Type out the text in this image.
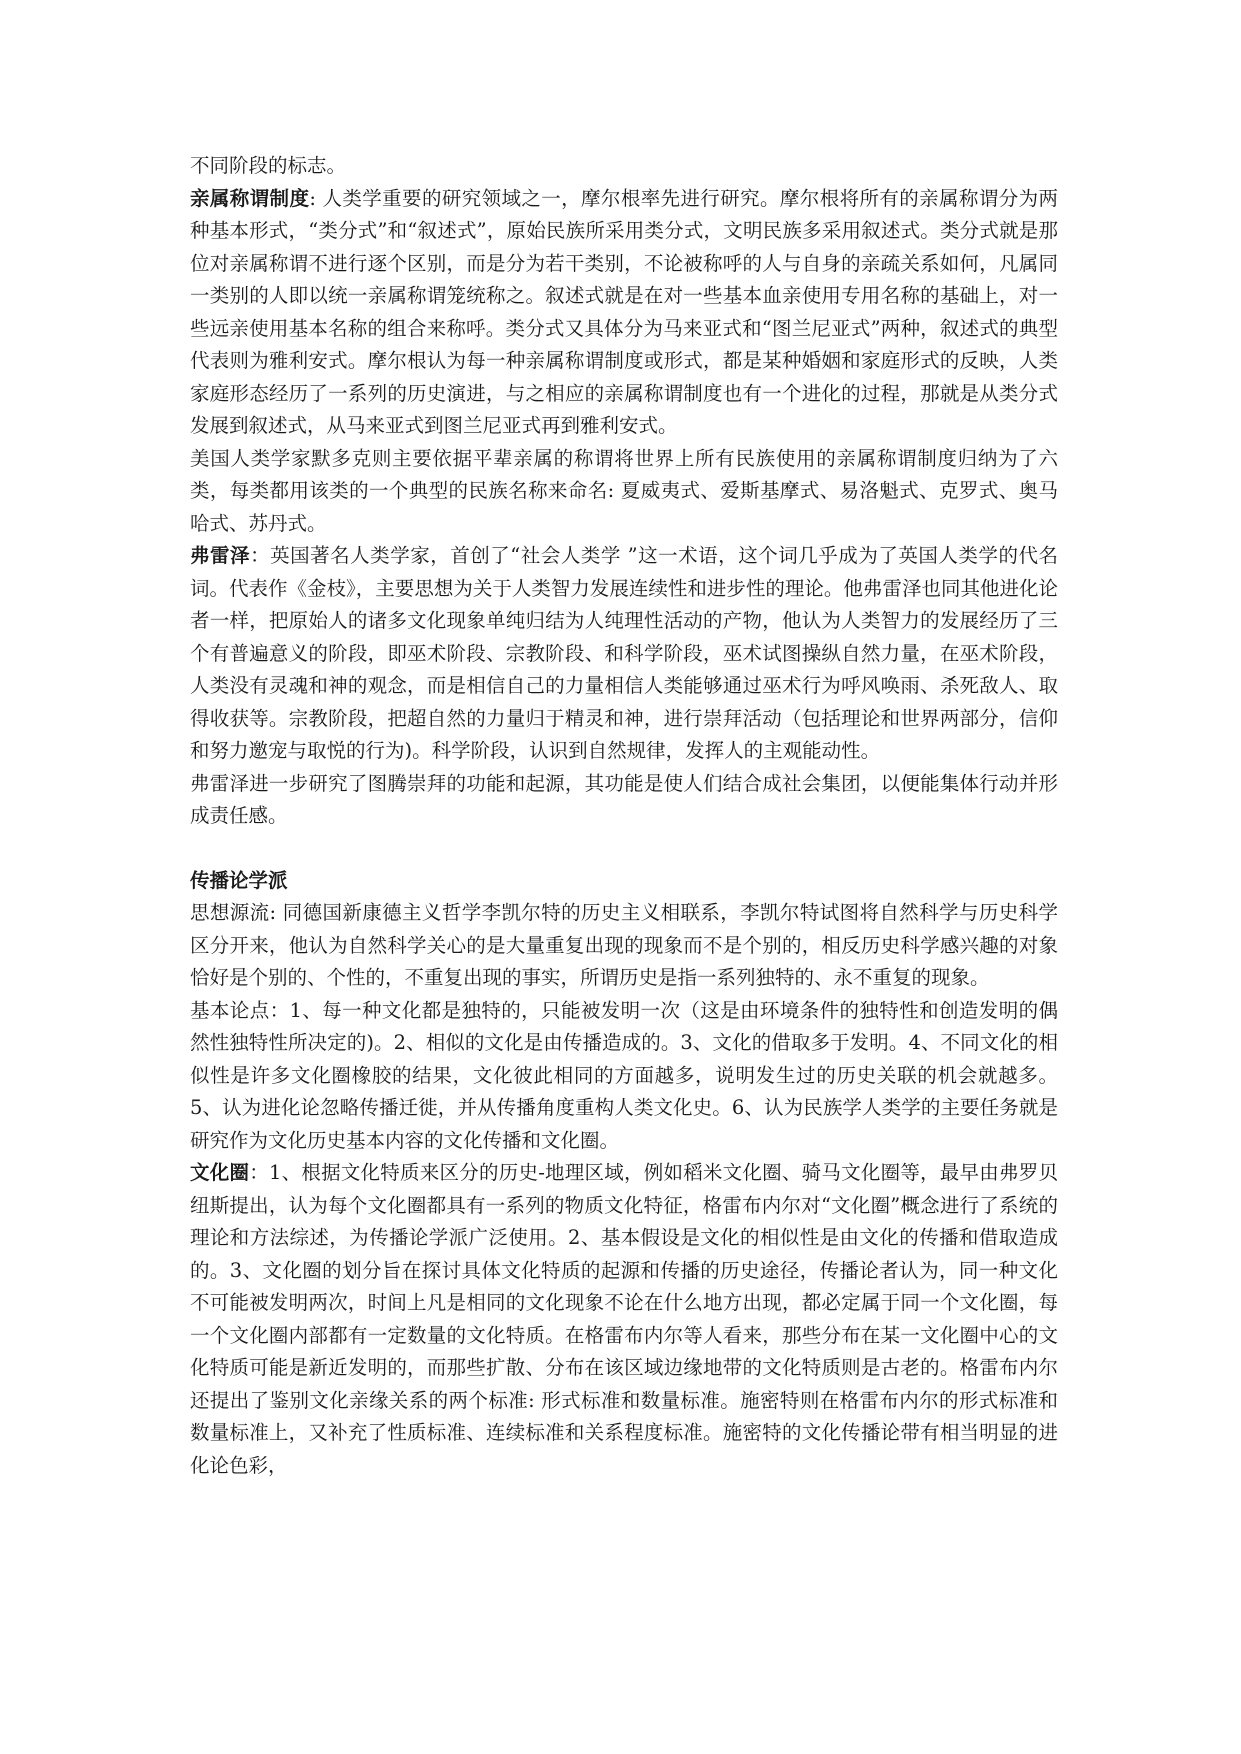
不同阶段的标志。

亲属称谓制度: 人类学重要的研究领域之一，摩尔根率先进行研究。摩尔根将所有的亲属称谓分为两种基本形式，“类分式”和“叙述式”，原始民族所采用类分式，文明民族多采用叙述式。类分式就是那位对亲属称谓不进行逐个区别，而是分为若干类别，不论被称呼的人与自身的亲疏关系如何，凡属同一类别的人即以统一亲属称谓笼统称之。叙述式就是在对一些基本血亲使用专用名称的基础上，对一些远亲使用基本名称的组合来称呼。类分式又具体分为马来亚式和“图兰尼亚式”两种，叙述式的典型代表则为雅利安式。摩尔根认为每一种亲属称谓制度或形式，都是某种婚姻和家庭形式的反映，人类家庭形态经历了一系列的历史演进，与之相应的亲属称谓制度也有一个进化的过程，那就是从类分式发展到叙述式，从马来亚式到图兰尼亚式再到雅利安式。

美国人类学家默多克则主要依据平辈亲属的称谓将世界上所有民族使用的亲属称谓制度归纳为了六类，每类都用该类的一个典型的民族名称来命名: 夏威夷式、爱斯基摩式、易洛魁式、克罗式、奥马哈式、苏丹式。

弗雷泽：英国著名人类学家，首创了“社会人类学 ”这一术语，这个词几乎成为了英国人类学的代名词。代表作《金枝》，主要思想为关于人类智力发展连续性和进步性的理论。他弗雷泽也同其他进化论者一样，把原始人的诸多文化现象单纯归结为人纯理性活动的产物，他认为人类智力的发展经历了三个有普遍意义的阶段，即巫术阶段、宗教阶段、和科学阶段，巫术试图操纵自然力量，在巫术阶段，人类没有灵魂和神的观念，而是相信自己的力量相信人类能够通过巫术行为呼风唤雨、杀死敌人、取得收获等。宗教阶段，把超自然的力量归于精灵和神，进行崇拜活动（包括理论和世界两部分，信仰和努力邀宠与取悦的行为)。科学阶段，认识到自然规律，发挥人的主观能动性。

弗雷泽进一步研究了图腾崇拜的功能和起源，其功能是使人们结合成社会集团，以便能集体行动并形成责任感。

传播论学派

思想源流: 同德国新康德主义哲学李凯尔特的历史主义相联系，李凯尔特试图将自然科学与历史科学区分开来，他认为自然科学关心的是大量重复出现的现象而不是个别的，相反历史科学感兴趣的对象恰好是个别的、个性的，不重复出现的事实，所谓历史是指一系列独特的、永不重复的现象。

基本论点：1、每一种文化都是独特的，只能被发明一次（这是由环境条件的独特性和创造发明的偶然性独特性所决定的)。2、相似的文化是由传播造成的。3、文化的借取多于发明。4、不同文化的相似性是许多文化圈橡胶的结果，文化彼此相同的方面越多，说明发生过的历史关联的机会就越多。5、认为进化论忽略传播迁徙，并从传播角度重构人类文化史。6、认为民族学人类学的主要任务就是研究作为文化历史基本内容的文化传播和文化圈。

文化圈：1、根据文化特质来区分的历史-地理区域，例如稻米文化圈、骑马文化圈等，最早由弗罗贝纽斯提出，认为每个文化圈都具有一系列的物质文化特征，格雷布内尔对“文化圈”概念进行了系统的理论和方法综述，为传播论学派广泛使用。2、基本假设是文化的相似性是由文化的传播和借取造成的。3、文化圈的划分旨在探讨具体文化特质的起源和传播的历史途径，传播论者认为，同一种文化不可能被发明两次，时间上凡是相同的文化现象不论在什么地方出现，都必定属于同一个文化圈，每一个文化圈内部都有一定数量的文化特质。在格雷布内尔等人看来，那些分布在某一文化圈中心的文化特质可能是新近发明的，而那些扩散、分布在该区域边缘地带的文化特质则是古老的。格雷布内尔还提出了鉴别文化亲缘关系的两个标准: 形式标准和数量标准。施密特则在格雷布内尔的形式标准和数量标准上，又补充了性质标准、连续标准和关系程度标准。施密特的文化传播论带有相当明显的进化论色彩，
